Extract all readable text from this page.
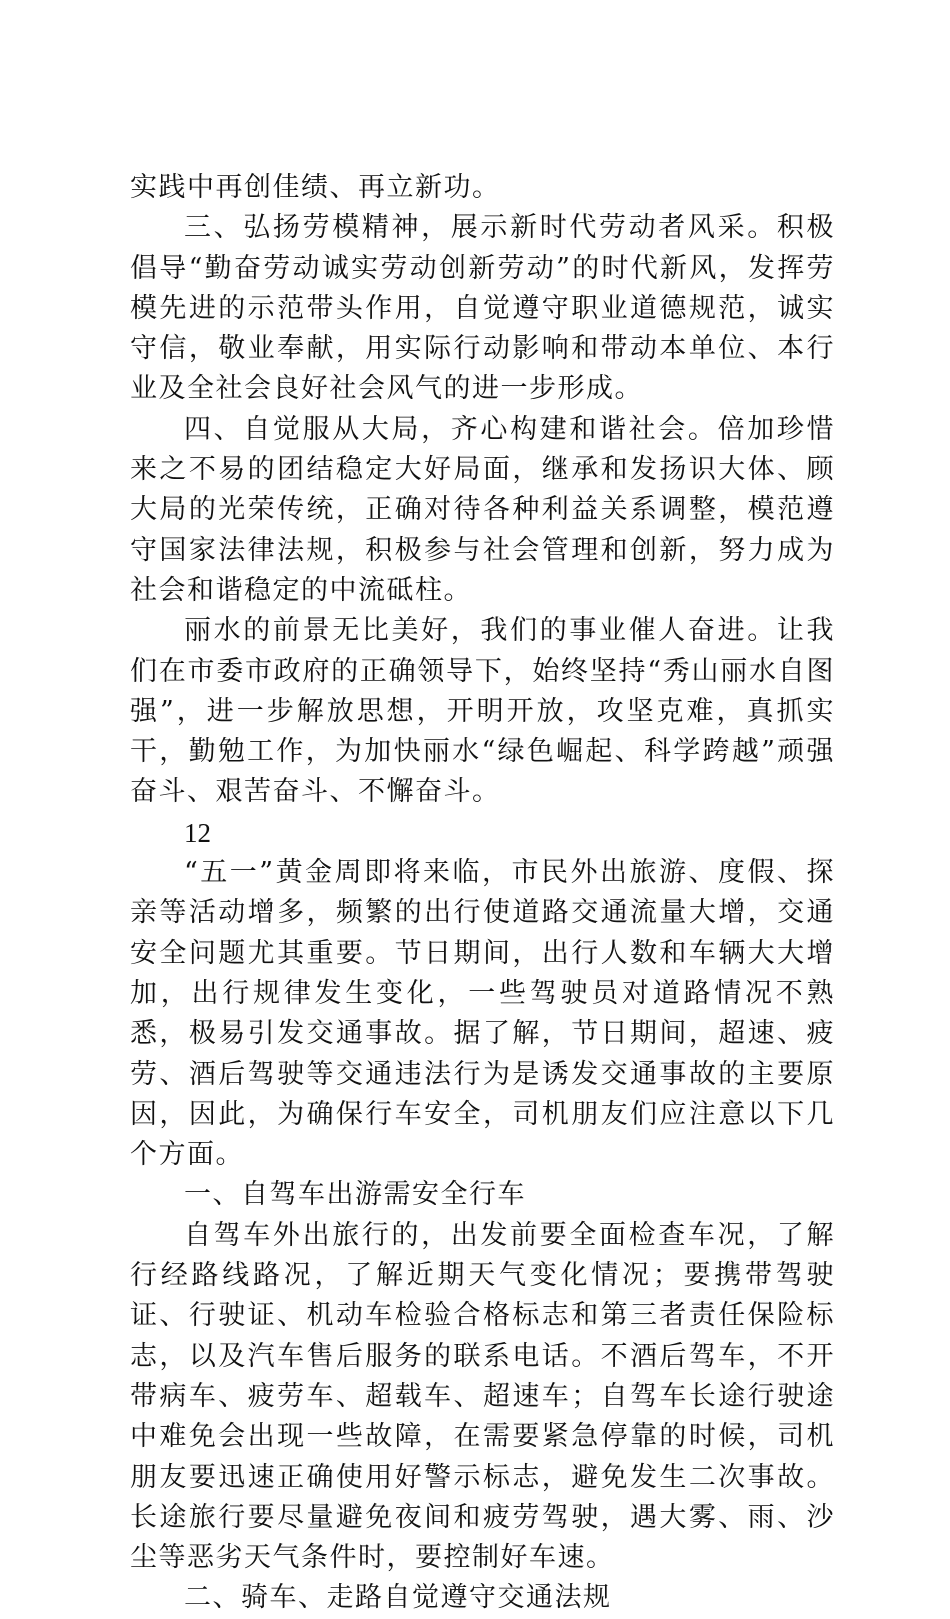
实践中再创佳绩、再立新功。

三、弘扬劳模精神，展示新时代劳动者风采。积极倡导“勤奋劳动诚实劳动创新劳动”的时代新风，发挥劳模先进的示范带头作用，自觉遵守职业道德规范，诚实守信，敬业奉献，用实际行动影响和带动本单位、本行业及全社会良好社会风气的进一步形成。

四、自觉服从大局，齐心构建和谐社会。倍加珍惜来之不易的团结稳定大好局面，继承和发扬识大体、顾大局的光荣传统，正确对待各种利益关系调整，模范遵守国家法律法规，积极参与社会管理和创新，努力成为社会和谐稳定的中流砥柱。

丽水的前景无比美好，我们的事业催人奋进。让我们在市委市政府的正确领导下，始终坚持“秀山丽水自图强”，进一步解放思想，开明开放，攻坚克难，真抓实干，勤勉工作，为加快丽水“绿色崛起、科学跨越”顽强奋斗、艰苦奋斗、不懈奋斗。

12

“五一”黄金周即将来临，市民外出旅游、度假、探亲等活动增多，频繁的出行使道路交通流量大增，交通安全问题尤其重要。节日期间，出行人数和车辆大大增加，出行规律发生变化，一些驾驶员对道路情况不熟悉，极易引发交通事故。据了解，节日期间，超速、疲劳、酒后驾驶等交通违法行为是诱发交通事故的主要原因，因此，为确保行车安全，司机朋友们应注意以下几个方面。

一、自驾车出游需安全行车

自驾车外出旅行的，出发前要全面检查车况，了解行经路线路况，了解近期天气变化情况；要携带驾驶证、行驶证、机动车检验合格标志和第三者责任保险标志，以及汽车售后服务的联系电话。不酒后驾车，不开带病车、疲劳车、超载车、超速车；自驾车长途行驶途中难免会出现一些故障，在需要紧急停靠的时候，司机朋友要迅速正确使用好警示标志，避免发生二次事故。长途旅行要尽量避免夜间和疲劳驾驶，遇大雾、雨、沙尘等恶劣天气条件时，要控制好车速。

二、骑车、走路自觉遵守交通法规
